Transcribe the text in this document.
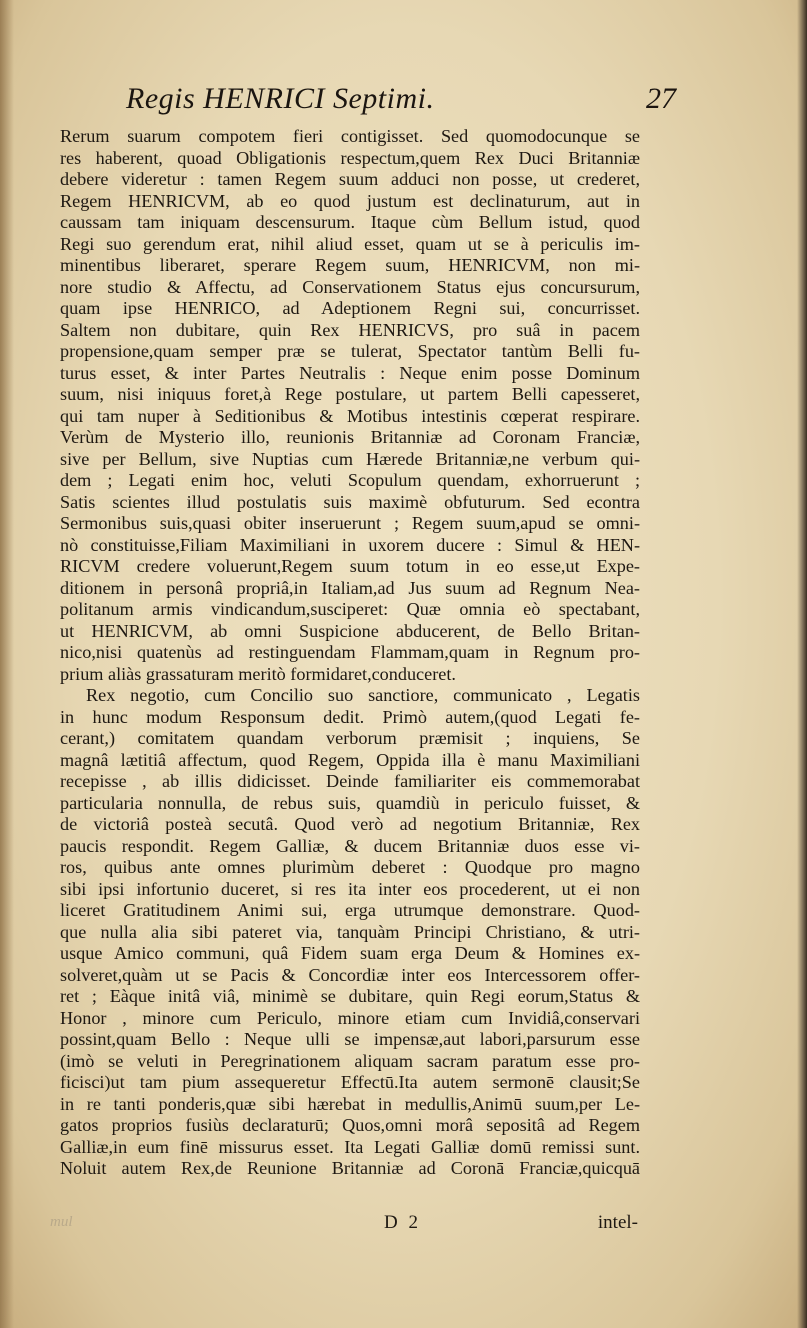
Regis HENRICI Septimi.	27
Rerum suarum compotem fieri contigisset. Sed quomodocunque se
res haberent, quoad Obligationis respectum,quem Rex Duci Britanniæ
debere videretur : tamen Regem suum adduci non posse, ut crederet,
Regem HENRICVM, ab eo quod justum est declinaturum, aut in
caussam tam iniquam descensurum. Itaque cùm Bellum istud, quod
Regi suo gerendum erat, nihil aliud esset, quam ut se à periculis im-
minentibus liberaret, sperare Regem suum, HENRICVM, non mi-
nore studio & Affectu, ad Conservationem Status ejus concursurum,
quam ipse HENRICO, ad Adeptionem Regni sui, concurrisset.
Saltem non dubitare, quin Rex HENRICVS, pro suâ in pacem
propensione,quam semper præ se tulerat, Spectator tantùm Belli fu-
turus esset, & inter Partes Neutralis : Neque enim posse Dominum
suum, nisi iniquus foret,à Rege postulare, ut partem Belli capesseret,
qui tam nuper à Seditionibus & Motibus intestinis cœperat respirare.
Verùm de Mysterio illo, reunionis Britanniæ ad Coronam Franciæ,
sive per Bellum, sive Nuptias cum Hærede Britanniæ,ne verbum qui-
dem ; Legati enim hoc, veluti Scopulum quendam, exhorruerunt ;
Satis scientes illud postulatis suis maximè obfuturum. Sed econtra
Sermonibus suis,quasi obiter inseruerunt ; Regem suum,apud se omni-
nò constituisse,Filiam Maximiliani in uxorem ducere : Simul & HEN-
RICVM credere voluerunt,Regem suum totum in eo esse,ut Expe-
ditionem in personâ propriâ,in Italiam,ad Jus suum ad Regnum Nea-
politanum armis vindicandum,susciperet: Quæ omnia eò spectabant,
ut HENRICVM, ab omni Suspicione abducerent, de Bello Britan-
nico,nisi quatenùs ad restinguendam Flammam,quam in Regnum pro-
prium aliàs grassaturam meritò formidaret,conduceret.
Rex negotio, cum Concilio suo sanctiore, communicato , Legatis
in hunc modum Responsum dedit. Primò autem,(quod Legati fe-
cerant,) comitatem quandam verborum præmisit ; inquiens, Se
magnâ lætitiâ affectum, quod Regem, Oppida illa è manu Maximiliani
recepisse , ab illis didicisset. Deinde familiariter eis commemorabat
particularia nonnulla, de rebus suis, quamdiù in periculo fuisset, &
de victoriâ posteà secutâ. Quod verò ad negotium Britanniæ, Rex
paucis respondit. Regem Galliæ, & ducem Britanniæ duos esse vi-
ros, quibus ante omnes plurimùm deberet : Quodque pro magno
sibi ipsi infortunio duceret, si res ita inter eos procederent, ut ei non
liceret Gratitudinem Animi sui, erga utrumque demonstrare. Quod-
que nulla alia sibi pateret via, tanquàm Principi Christiano, & utri-
usque Amico communi, quâ Fidem suam erga Deum & Homines ex-
solveret,quàm ut se Pacis & Concordiæ inter eos Intercessorem offer-
ret ; Eàque initâ viâ, minimè se dubitare, quin Regi eorum,Status &
Honor , minore cum Periculo, minore etiam cum Invidiâ,conservari
possint,quam Bello : Neque ulli se impensæ,aut labori,parsurum esse
(imò se veluti in Peregrinationem aliquam sacram paratum esse pro-
ficisci)ut tam pium assequeretur Effectū.Ita autem sermonē clausit;Se
in re tanti ponderis,quæ sibi hærebat in medullis,Animū suum,per Le-
gatos proprios fusiùs declaraturū; Quos,omni morâ sepositâ ad Regem
Galliæ,in eum finē missurus esset. Ita Legati Galliæ domū remissi sunt.
Noluit autem Rex,de Reunione Britanniæ ad Coronā Franciæ,quicquā
mul	D 2	intel-
